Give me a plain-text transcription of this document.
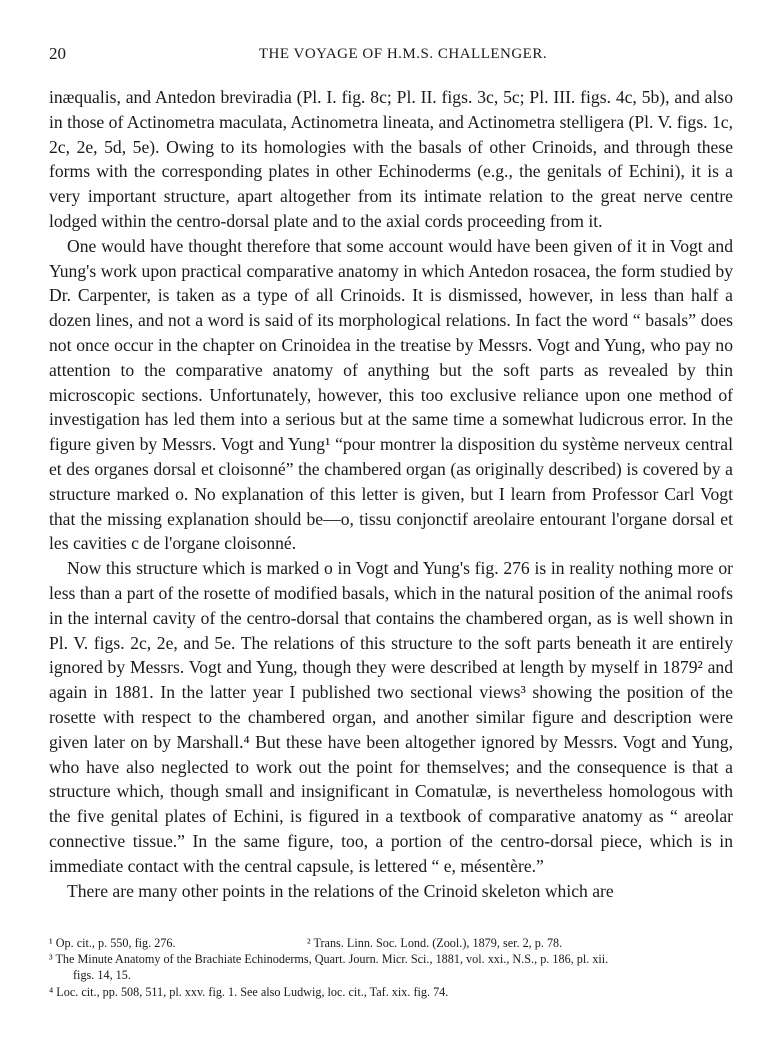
20	THE VOYAGE OF H.M.S. CHALLENGER.

inæqualis, and Antedon breviradia (Pl. I. fig. 8c; Pl. II. figs. 3c, 5c; Pl. III. figs. 4c, 5b), and also in those of Actinometra maculata, Actinometra lineata, and Actinometra stelligera (Pl. V. figs. 1c, 2c, 2e, 5d, 5e). Owing to its homologies with the basals of other Crinoids, and through these forms with the corresponding plates in other Echinoderms (e.g., the genitals of Echini), it is a very important structure, apart altogether from its intimate relation to the great nerve centre lodged within the centro-dorsal plate and to the axial cords proceeding from it.

One would have thought therefore that some account would have been given of it in Vogt and Yung's work upon practical comparative anatomy in which Antedon rosacea, the form studied by Dr. Carpenter, is taken as a type of all Crinoids. It is dismissed, however, in less than half a dozen lines, and not a word is said of its morphological relations. In fact the word “ basals” does not once occur in the chapter on Crinoidea in the treatise by Messrs. Vogt and Yung, who pay no attention to the comparative anatomy of anything but the soft parts as revealed by thin microscopic sections. Unfortunately, however, this too exclusive reliance upon one method of investigation has led them into a serious but at the same time a somewhat ludicrous error. In the figure given by Messrs. Vogt and Yung¹ “pour montrer la disposition du système nerveux central et des organes dorsal et cloisonné” the chambered organ (as originally described) is covered by a structure marked o. No explanation of this letter is given, but I learn from Professor Carl Vogt that the missing explanation should be—o, tissu conjonctif areolaire entourant l'organe dorsal et les cavities c de l'organe cloisonné.

Now this structure which is marked o in Vogt and Yung's fig. 276 is in reality nothing more or less than a part of the rosette of modified basals, which in the natural position of the animal roofs in the internal cavity of the centro-dorsal that contains the chambered organ, as is well shown in Pl. V. figs. 2c, 2e, and 5e. The relations of this structure to the soft parts beneath it are entirely ignored by Messrs. Vogt and Yung, though they were described at length by myself in 1879² and again in 1881. In the latter year I published two sectional views³ showing the position of the rosette with respect to the chambered organ, and another similar figure and description were given later on by Marshall.⁴ But these have been altogether ignored by Messrs. Vogt and Yung, who have also neglected to work out the point for themselves; and the consequence is that a structure which, though small and insignificant in Comatulæ, is nevertheless homologous with the five genital plates of Echini, is figured in a textbook of comparative anatomy as “ areolar connective tissue.” In the same figure, too, a portion of the centro-dorsal piece, which is in immediate contact with the central capsule, is lettered “ e, mésentère.”

There are many other points in the relations of the Crinoid skeleton which are

¹ Op. cit., p. 550, fig. 276.	² Trans. Linn. Soc. Lond. (Zool.), 1879, ser. 2, p. 78.
³ The Minute Anatomy of the Brachiate Echinoderms, Quart. Journ. Micr. Sci., 1881, vol. xxi., N.S., p. 186, pl. xii.
figs. 14, 15.
⁴ Loc. cit., pp. 508, 511, pl. xxv. fig. 1. See also Ludwig, loc. cit., Taf. xix. fig. 74.
